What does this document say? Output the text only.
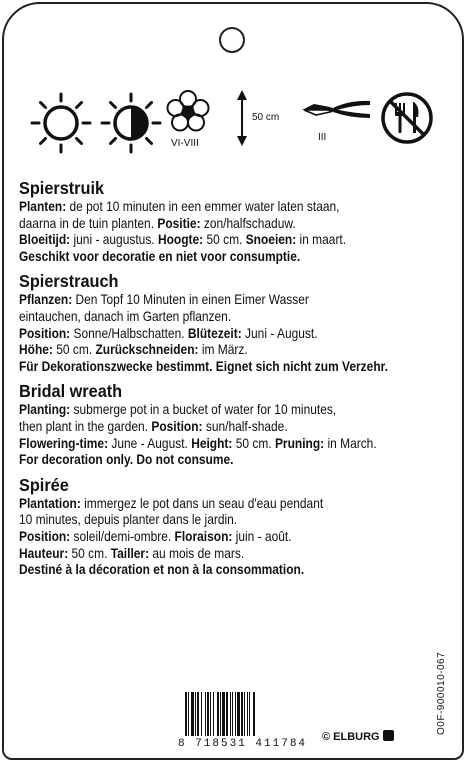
VI-VIII
50 cm
III
Spierstruik
Planten: de pot 10 minuten in een emmer water laten staan,
daarna in de tuin planten. Positie: zon/halfschaduw.
Bloeitijd: juni - augustus. Hoogte: 50 cm. Snoeien: in maart.
Geschikt voor decoratie en niet voor consumptie.
Spierstrauch
Pflanzen: Den Topf 10 Minuten in einen Eimer Wasser
eintauchen, danach im Garten pflanzen.
Position: Sonne/Halbschatten. Blütezeit: Juni - August.
Höhe: 50 cm. Zurückschneiden: im März.
Für Dekorationszwecke bestimmt. Eignet sich nicht zum Verzehr.
Bridal wreath
Planting: submerge pot in a bucket of water for 10 minutes,
then plant in the garden. Position: sun/half-shade.
Flowering-time: June - August. Height: 50 cm. Pruning: in March.
For decoration only. Do not consume.
Spirée
Plantation: immergez le pot dans un seau d'eau pendant
10 minutes, depuis planter dans le jardin.
Position: soleil/demi-ombre. Floraison: juin - août.
Hauteur: 50 cm. Tailler: au mois de mars.
Destiné à la décoration et non à la consommation.
8 718531 411784
© ELBURG
O0F-900010-067
